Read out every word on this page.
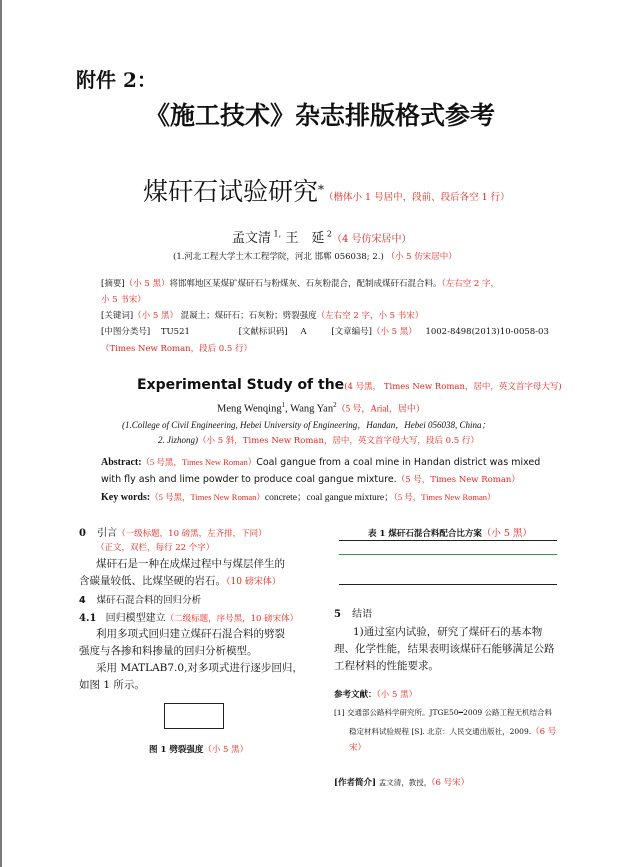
附件 2：
《施工技术》杂志排版格式参考
煤矸石试验研究*（楷体小 1 号居中，段前、段后各空 1 行）
孟文清 $^{1,}$ 王　延 $^2$（4 号仿宋居中）
(1.河北工程大学土木工程学院，河北 邯郸 056038; 2.) （小 5 仿宋居中）
[摘要]（小 5 黑）将邯郸地区某煤矿煤矸石与粉煤灰、石灰粉混合，配制成煤矸石混合料。（左右空 2 字，
小 5 书宋）
[关键词]（小 5 黑） 混凝土；煤矸石；石灰粉；劈裂强度（左右空 2 字，小 5 书宋）
[中图分类号] TU521	[文献标识码] A	[文章编号]（小 5 黑） 1002-8498(2013)10-0058-03
（Times New Roman，段后 0.5 行）
Experimental Study of the(4 号黑， Times New Roman，居中，英文首字母大写)
Meng Wenqing$^1$, Wang Yan$^2$（5 号，Arial，居中）
(1.College of Civil Engineering, Hebei University of Engineering，Handan，Hebei 056038, China；
2. Jizhong)（小 5 斜，Times New Roman，居中，英文首字母大写，段后 0.5 行）
Abstract:（5 号黑，Times New Roman）Coal gangue from a coal mine in Handan district was mixed
with fly ash and lime powder to produce coal gangue mixture.（5 号，Times New Roman）
Key words:（5 号黑，Times New Roman）concrete；coal gangue mixture；（5 号，Times New Roman）
0 引言（一级标题，10 磅黑，左齐排，下同）
（正文，双栏，每行 22 个字）
煤矸石是一种在成煤过程中与煤层伴生的
含碳量较低、比煤坚硬的岩石。（10 磅宋体）
4 煤矸石混合料的回归分析
4.1 回归模型建立（二级标题，序号黑，10 磅宋体）
利用多项式回归建立煤矸石混合料的劈裂
强度与各掺和料掺量的回归分析模型。
采用 MATLAB7.0,对多项式进行逐步回归，
如图 1 所示。
图 1 劈裂强度（小 5 黑）
表 1 煤矸石混合料配合比方案（小 5 黑）
5 结语
1)通过室内试验，研究了煤矸石的基本物
理、化学性能，结果表明该煤矸石能够满足公路
工程材料的性能要求。
参考文献：（小 5 黑）
[1] 交通部公路科学研究所。JTGE50━2009 公路工程无机结合料
稳定材料试验规程 [S]. 北京：人民交通出版社，2009.（6 号
宋）
[作者简介] 孟文清，教授，（6 号宋）
